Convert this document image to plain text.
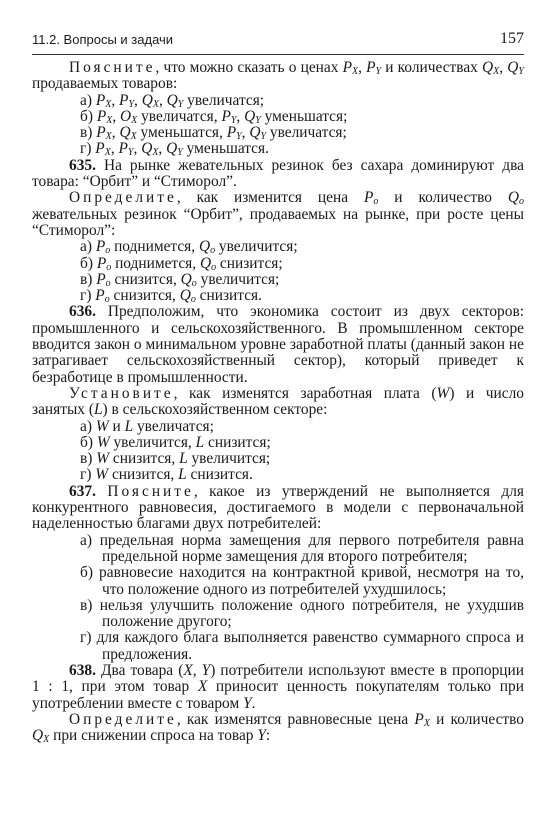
11.2. Вопросы и задачи	157

Поясните, что можно сказать о ценах $P_X$, $P_Y$ и количествах $Q_X$, $Q_Y$ продаваемых товаров:

а) $P_X$, $P_Y$, $Q_X$, $Q_Y$ увеличатся;

б) $P_X$, $O_X$ увеличатся, $P_Y$, $Q_Y$ уменьшатся;

в) $P_X$, $Q_X$ уменьшатся, $P_Y$, $Q_Y$ увеличатся;

г) $P_X$, $P_Y$, $Q_X$, $Q_Y$ уменьшатся.

635. На рынке жевательных резинок без сахара доминируют два товара: “Орбит” и “Стиморол”.

Определите, как изменится цена $P_o$ и количество $Q_o$ жевательных резинок “Орбит”, продаваемых на рынке, при росте цены “Стиморол”:

а) $P_o$ поднимется, $Q_o$ увеличится;

б) $P_o$ поднимется, $Q_o$ снизится;

в) $P_o$ снизится, $Q_o$ увеличится;

г) $P_o$ снизится, $Q_o$ снизится.

636. Предположим, что экономика состоит из двух секторов: промышленного и сельскохозяйственного. В промышленном секторе вводится закон о минимальном уровне заработной платы (данный закон не затрагивает сельскохозяйственный сектор), который приведет к безработице в промышленности.

Установите, как изменятся заработная плата (W) и число занятых (L) в сельскохозяйственном секторе:

а) W и L увеличатся;

б) W увеличится, L снизится;

в) W снизится, L увеличится;

г) W снизится, L снизится.

637. Поясните, какое из утверждений не выполняется для конкурентного равновесия, достигаемого в модели с первоначальной наделенностью благами двух потребителей:

а) предельная норма замещения для первого потребителя равна предельной норме замещения для второго потребителя;

б) равновесие находится на контрактной кривой, несмотря на то, что положение одного из потребителей ухудшилось;

в) нельзя улучшить положение одного потребителя, не ухудшив положение другого;

г) для каждого блага выполняется равенство суммарного спроса и предложения.

638. Два товара (X, Y) потребители используют вместе в пропорции 1 : 1, при этом товар X приносит ценность покупателям только при употреблении вместе с товаром Y.

Определите, как изменятся равновесные цена $P_X$ и количество $Q_X$ при снижении спроса на товар Y:
